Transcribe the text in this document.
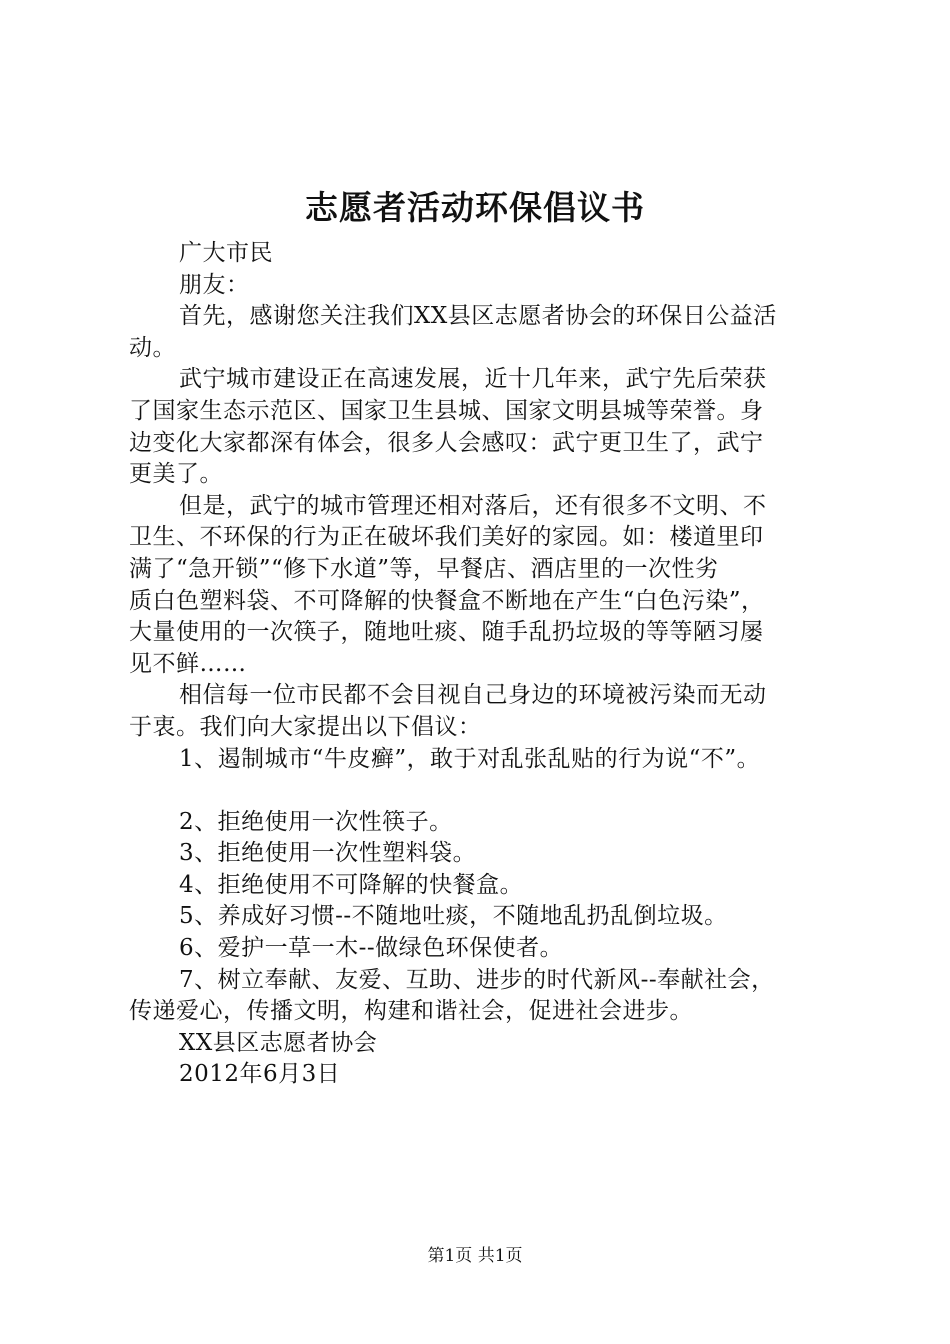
志愿者活动环保倡议书
广大市民
朋友：
首先，感谢您关注我们XX县区志愿者协会的环保日公益活
动。
武宁城市建设正在高速发展，近十几年来，武宁先后荣获
了国家生态示范区、国家卫生县城、国家文明县城等荣誉。身
边变化大家都深有体会，很多人会感叹：武宁更卫生了，武宁
更美了。
但是，武宁的城市管理还相对落后，还有很多不文明、不
卫生、不环保的行为正在破坏我们美好的家园。如：楼道里印
满了“急开锁”“修下水道”等，早餐店、酒店里的一次性劣
质白色塑料袋、不可降解的快餐盒不断地在产生“白色污染”，
大量使用的一次筷子，随地吐痰、随手乱扔垃圾的等等陋习屡
见不鲜……
相信每一位市民都不会目视自己身边的环境被污染而无动
于衷。我们向大家提出以下倡议：
1、遏制城市“牛皮癣”，敢于对乱张乱贴的行为说“不”。
2、拒绝使用一次性筷子。
3、拒绝使用一次性塑料袋。
4、拒绝使用不可降解的快餐盒。
5、养成好习惯--不随地吐痰，不随地乱扔乱倒垃圾。
6、爱护一草一木--做绿色环保使者。
7、树立奉献、友爱、互助、进步的时代新风--奉献社会，
传递爱心，传播文明，构建和谐社会，促进社会进步。
XX县区志愿者协会
2012年6月3日
第1页 共1页
